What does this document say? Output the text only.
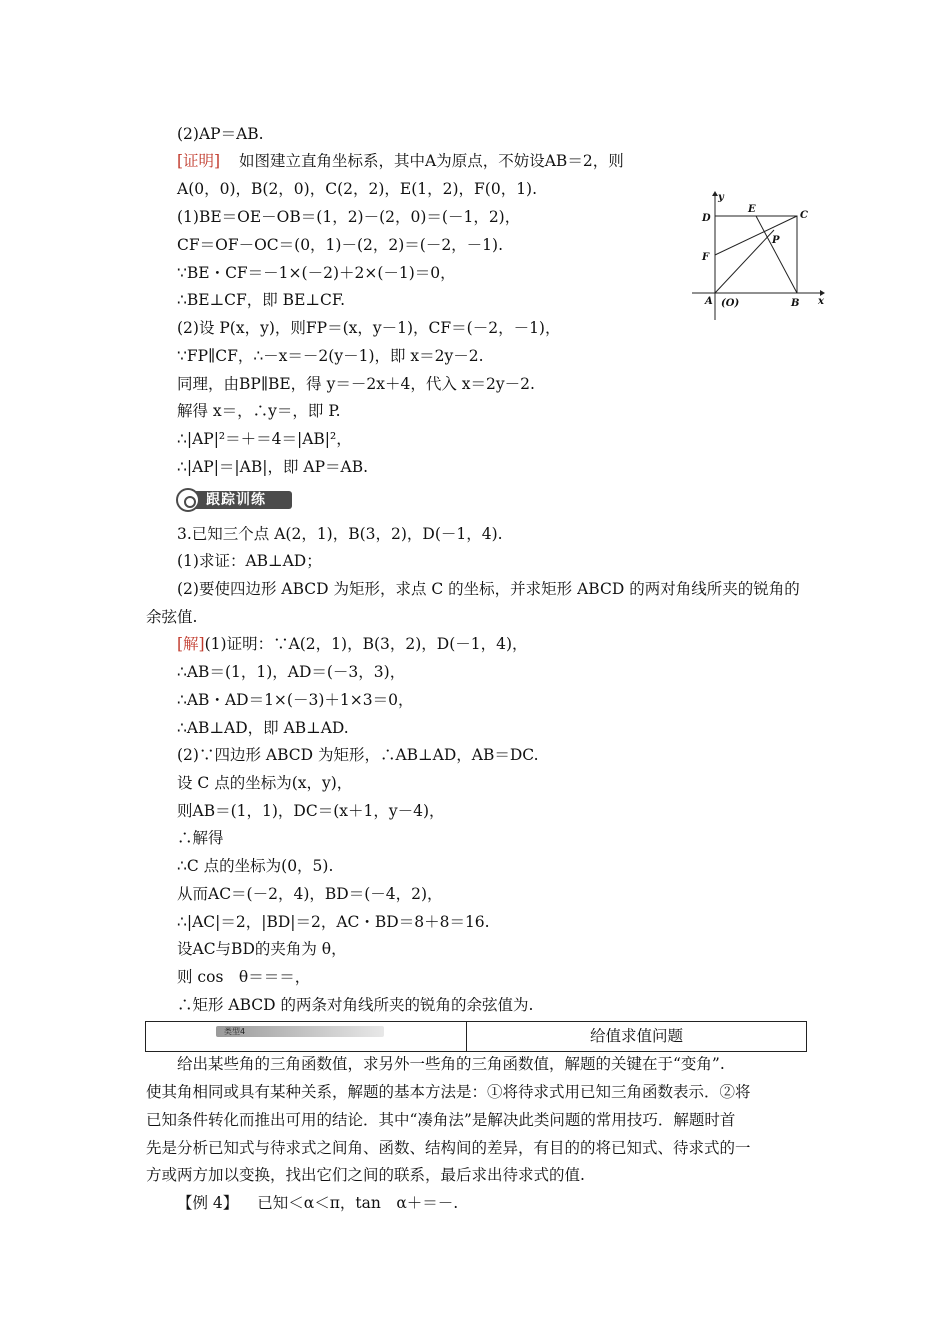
(2)AP＝AB.
[证明] 如图建立直角坐标系，其中A为原点，不妨设AB＝2，则
A(0，0)，B(2，0)，C(2，2)，E(1，2)，F(0，1).
(1)BE＝OE－OB＝(1，2)－(2，0)＝(－1，2)，
CF＝OF－OC＝(0，1)－(2，2)＝(－2，－1).
∵BE・CF＝－1×(－2)＋2×(－1)＝0，
∴BE⊥CF，即 BE⊥CF.
(2)设 P(x，y)，则FP＝(x，y－1)，CF＝(－2，－1)，
∵FP∥CF，∴－x＝－2(y－1)，即 x＝2y－2.
同理，由BP∥BE，得 y＝－2x＋4，代入 x＝2y－2.
解得 x＝，∴y＝，即 P.
∴|AP|²＝＋＝4＝|AB|²，
∴|AP|＝|AB|，即 AP＝AB.
跟踪训练
3.已知三个点 A(2，1)，B(3，2)，D(－1，4).
(1)求证：AB⊥AD；
(2)要使四边形 ABCD 为矩形，求点 C 的坐标，并求矩形 ABCD 的两对角线所夹的锐角的
余弦值.
[解](1)证明：∵A(2，1)，B(3，2)，D(－1，4)，
∴AB＝(1，1)，AD＝(－3，3)，
∴AB・AD＝1×(－3)＋1×3＝0，
∴AB⊥AD，即 AB⊥AD.
(2)∵四边形 ABCD 为矩形，∴AB⊥AD，AB＝DC.
设 C 点的坐标为(x，y)，
则AB＝(1，1)，DC＝(x＋1，y－4)，
∴解得
∴C 点的坐标为(0，5).
从而AC＝(－2，4)，BD＝(－4，2)，
∴|AC|＝2，|BD|＝2，AC・BD＝8＋8＝16.
设AC与BD的夹角为 θ，
则 cos　θ＝＝＝，
∴矩形 ABCD 的两条对角线所夹的锐角的余弦值为.
类型4	给值求值问题
给出某些角的三角函数值，求另外一些角的三角函数值，解题的关键在于“变角”.
使其角相同或具有某种关系，解题的基本方法是：①将待求式用已知三角函数表示．②将
已知条件转化而推出可用的结论．其中“凑角法”是解决此类问题的常用技巧．解题时首
先是分析已知式与待求式之间角、函数、结构间的差异，有目的的将已知式、待求式的一
方或两方加以变换，找出它们之间的联系，最后求出待求式的值.
【例 4】 已知＜α＜π，tan　α＋＝－.
y
x
D
E
C
P
F
A (O)	B
